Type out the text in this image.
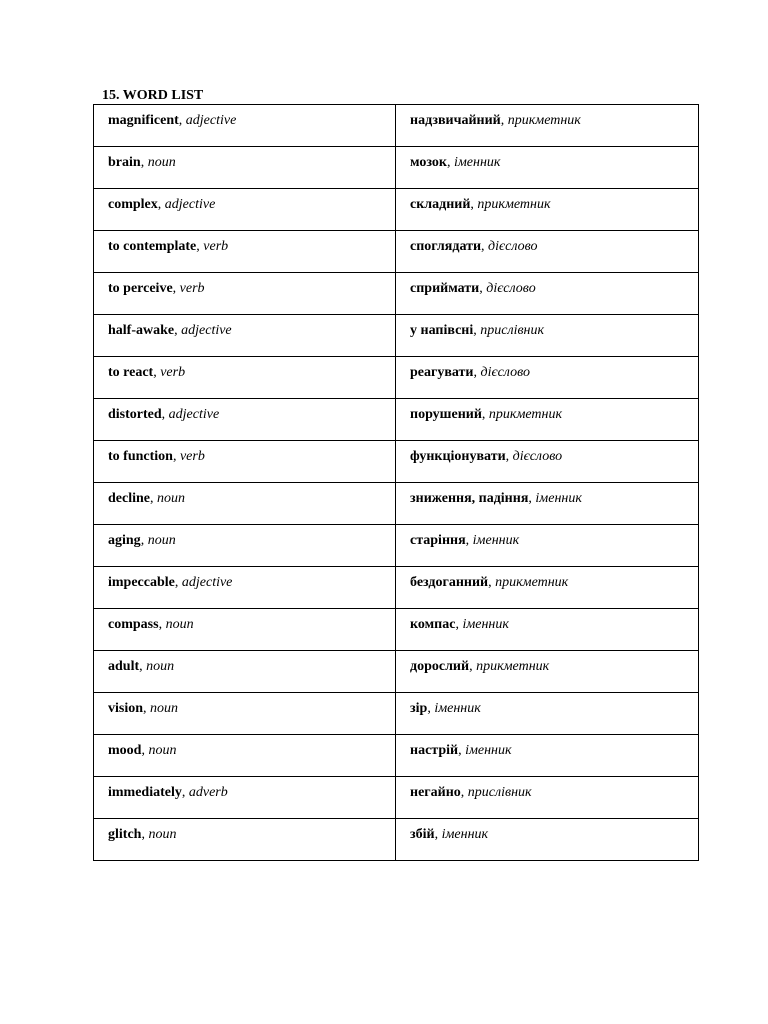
15. WORD LIST
magnificent, adjective	надзвичайний, прикметник

brain, noun	мозок, іменник

complex, adjective	складний, прикметник

to contemplate, verb	споглядати, дієслово

to perceive, verb	сприймати, дієслово

half-awake, adjective	у напівсні, прислівник

to react, verb	реагувати, дієслово

distorted, adjective	порушений, прикметник

to function, verb	функціонувати, дієслово

decline, noun	зниження, падіння, іменник

aging, noun	старіння, іменник

impeccable, adjective	бездоганний, прикметник

compass, noun	компас, іменник

adult, noun	дорослий, прикметник

vision, noun	зір, іменник

mood, noun	настрій, іменник

immediately, adverb	негайно, прислівник

glitch, noun	збій, іменник
